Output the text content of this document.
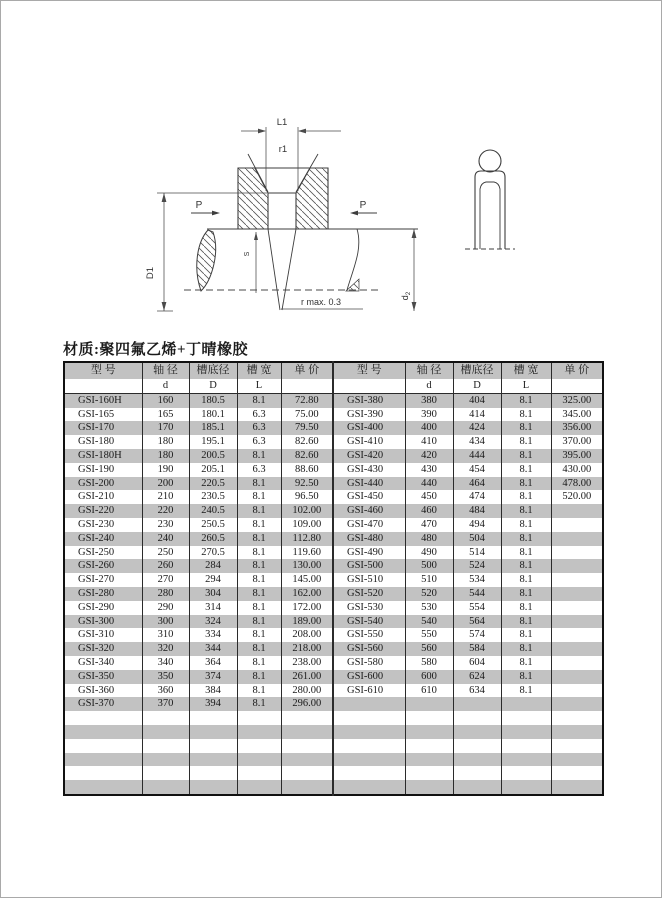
L1
r1
P	P
D1
$d_2$
S
r max. 0.3
材质:聚四氟乙烯+丁晴橡胶
型 号	轴 径	槽底径	槽 宽	单 价	型 号	轴 径	槽底径	槽 宽	单 价
	d	D	L			d	D	L	
GSI-160H	160	180.5	8.1	72.80	GSI-380	380	404	8.1	325.00
GSI-165	165	180.1	6.3	75.00	GSI-390	390	414	8.1	345.00
GSI-170	170	185.1	6.3	79.50	GSI-400	400	424	8.1	356.00
GSI-180	180	195.1	6.3	82.60	GSI-410	410	434	8.1	370.00
GSI-180H	180	200.5	8.1	82.60	GSI-420	420	444	8.1	395.00
GSI-190	190	205.1	6.3	88.60	GSI-430	430	454	8.1	430.00
GSI-200	200	220.5	8.1	92.50	GSI-440	440	464	8.1	478.00
GSI-210	210	230.5	8.1	96.50	GSI-450	450	474	8.1	520.00
GSI-220	220	240.5	8.1	102.00	GSI-460	460	484	8.1	
GSI-230	230	250.5	8.1	109.00	GSI-470	470	494	8.1	
GSI-240	240	260.5	8.1	112.80	GSI-480	480	504	8.1	
GSI-250	250	270.5	8.1	119.60	GSI-490	490	514	8.1	
GSI-260	260	284	8.1	130.00	GSI-500	500	524	8.1	
GSI-270	270	294	8.1	145.00	GSI-510	510	534	8.1	
GSI-280	280	304	8.1	162.00	GSI-520	520	544	8.1	
GSI-290	290	314	8.1	172.00	GSI-530	530	554	8.1	
GSI-300	300	324	8.1	189.00	GSI-540	540	564	8.1	
GSI-310	310	334	8.1	208.00	GSI-550	550	574	8.1	
GSI-320	320	344	8.1	218.00	GSI-560	560	584	8.1	
GSI-340	340	364	8.1	238.00	GSI-580	580	604	8.1	
GSI-350	350	374	8.1	261.00	GSI-600	600	624	8.1	
GSI-360	360	384	8.1	280.00	GSI-610	610	634	8.1	
GSI-370	370	394	8.1	296.00					
